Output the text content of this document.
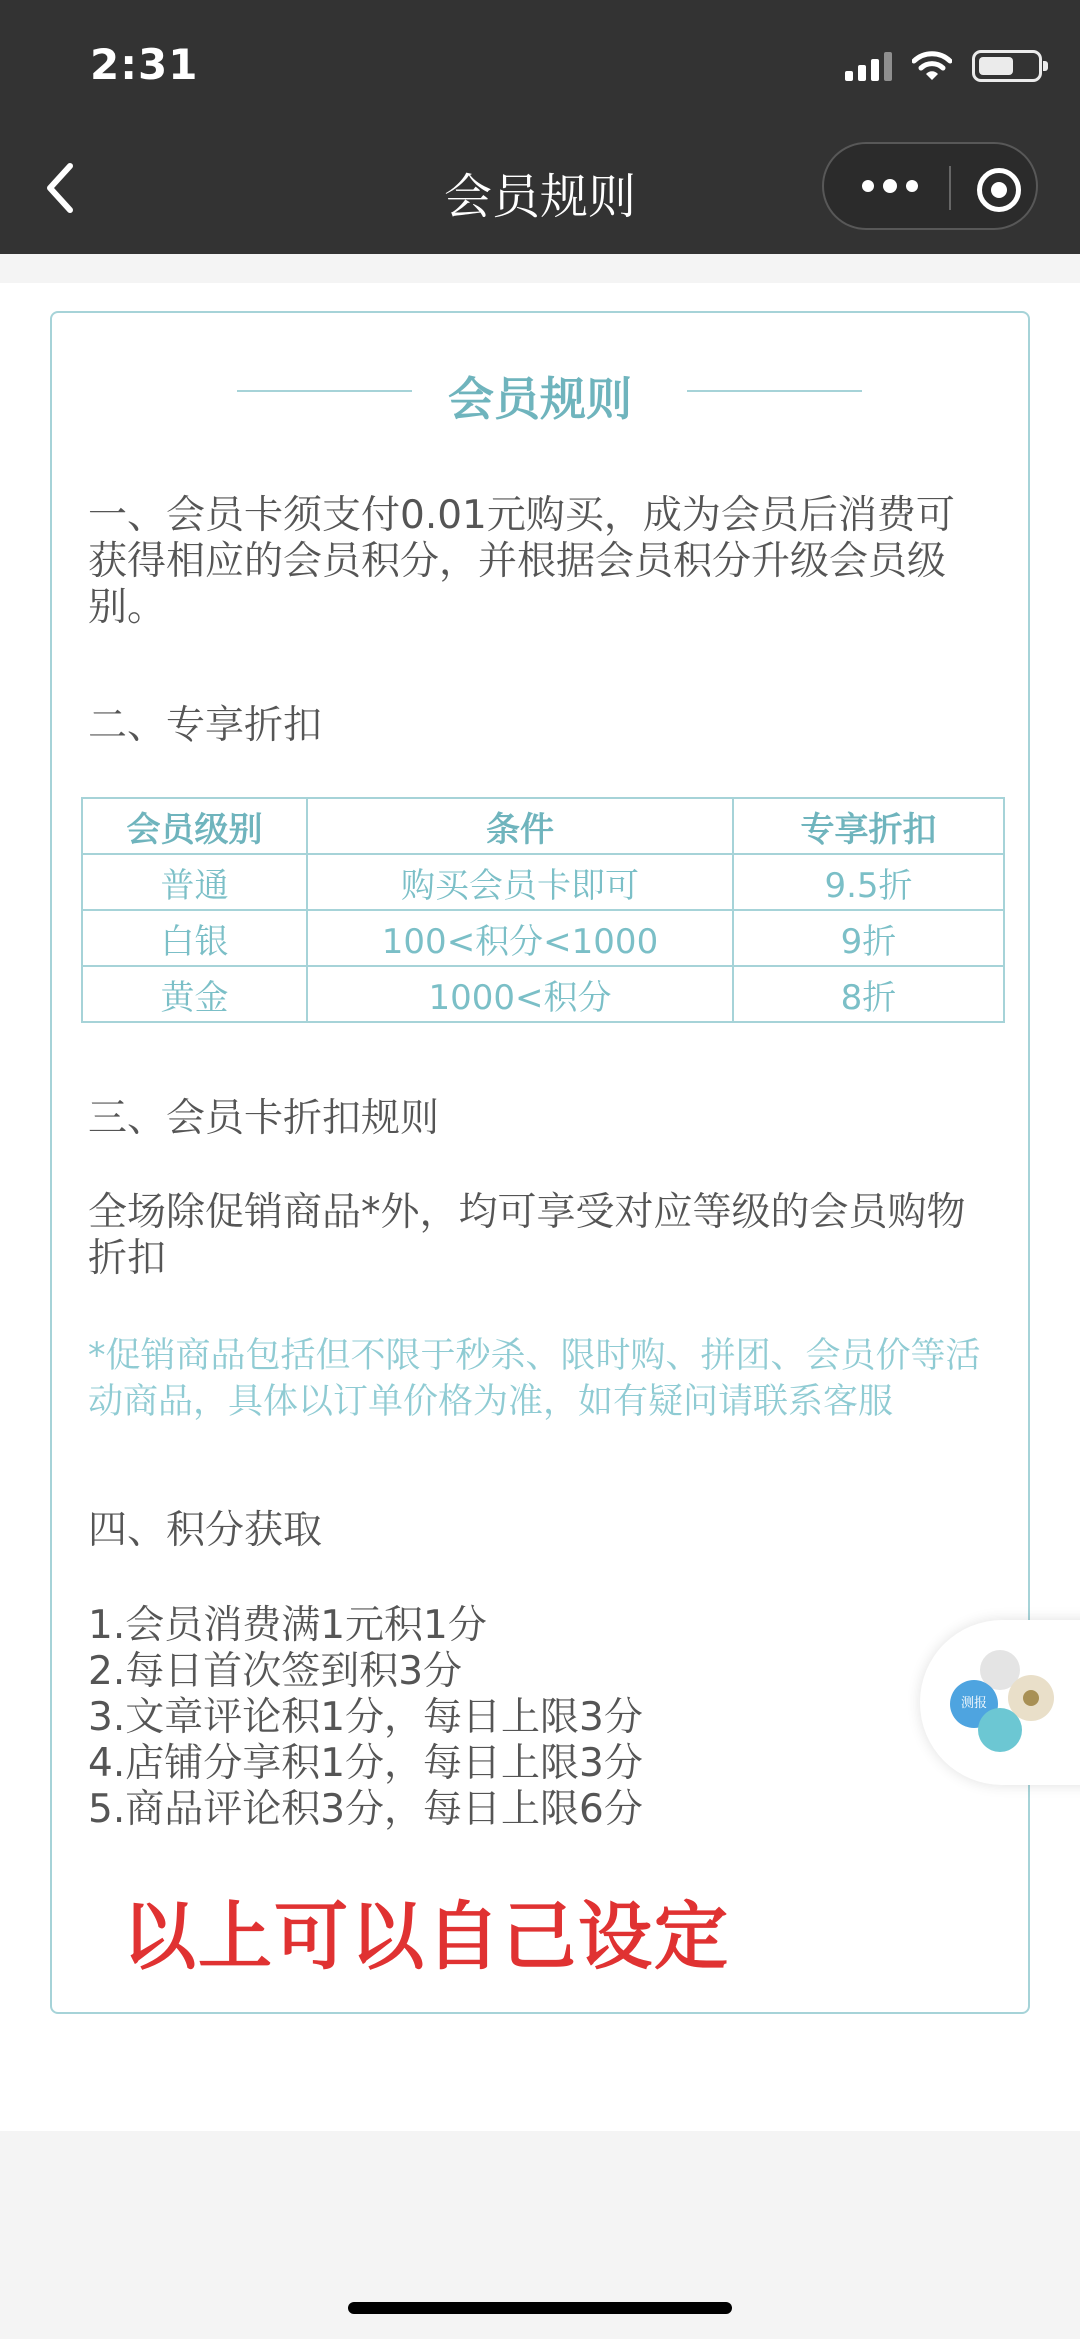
2:31
会员规则
会员规则
一、会员卡须支付0.01元购买，成为会员后消费可获得相应的会员积分，并根据会员积分升级会员级别。
二、专享折扣
会员级别	条件	专享折扣
普通	购买会员卡即可	9.5折
白银	100<积分<1000	9折
黄金	1000<积分	8折
三、会员卡折扣规则
全场除促销商品*外，均可享受对应等级的会员购物折扣
*促销商品包括但不限于秒杀、限时购、拼团、会员价等活动商品，具体以订单价格为准，如有疑问请联系客服
四、积分获取
1.会员消费满1元积1分
2.每日首次签到积3分
3.文章评论积1分，每日上限3分
4.店铺分享积1分，每日上限3分
5.商品评论积3分，每日上限6分
以上可以自己设定
测报
